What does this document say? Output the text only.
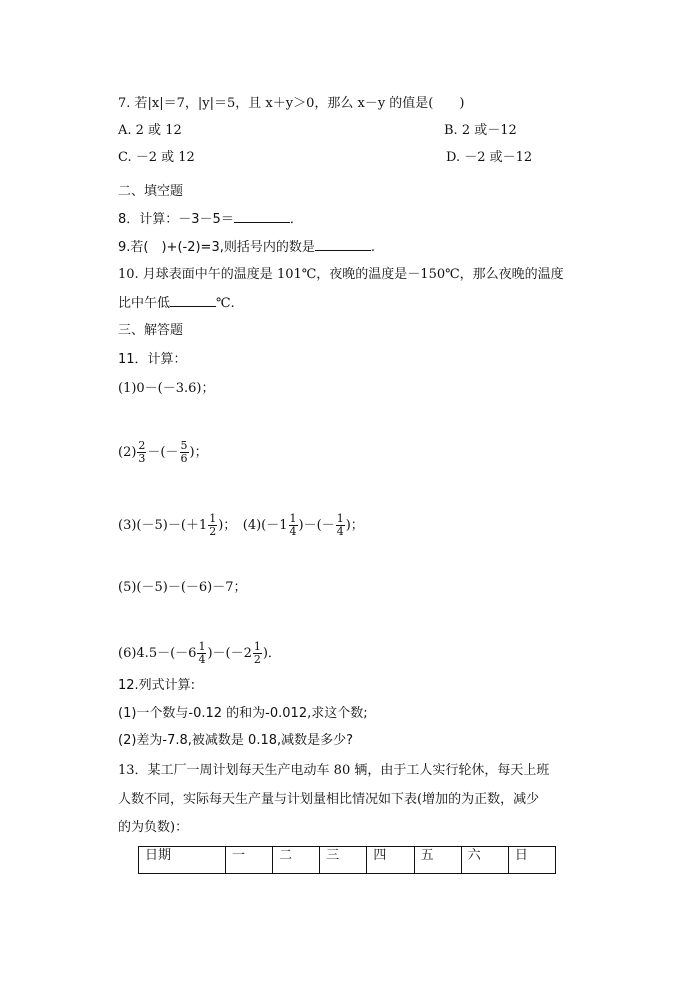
7. 若|x|＝7，|y|＝5，且 x＋y＞0，那么 x－y 的值是(　　)
A. 2 或 12	B. 2 或－12
C. －2 或 12	D. －2 或－12
二、填空题
8．计算：－3－5＝	．
9.若(　)+(-2)=3,则括号内的数是	.
10. 月球表面中午的温度是 101℃，夜晚的温度是－150℃，那么夜晚的温度
比中午低	℃.
三、解答题
11．计算：
(1)0－(－3.6)；
$(2) \frac{2}{3}$ －(－ $\frac{5}{6}$ )；
$(3)(-5)-(+1 \frac{1}{2}$ )；　$(4)(-1 \frac{1}{4}$ )－(－ $\frac{1}{4}$ )；
(5)(－5)－(－6)－7；
$(6)4.5-(-6 \frac{1}{4} )-(-2 \frac{1}{2}$ )．
12.列式计算:
(1)一个数与-0.12 的和为-0.012,求这个数;
(2)差为-7.8,被减数是 0.18,减数是多少?
13．某工厂一周计划每天生产电动车 80 辆，由于工人实行轮休，每天上班
人数不同，实际每天生产量与计划量相比情况如下表(增加的为正数，减少
的为负数)：
日期	一	二	三	四	五	六	日
